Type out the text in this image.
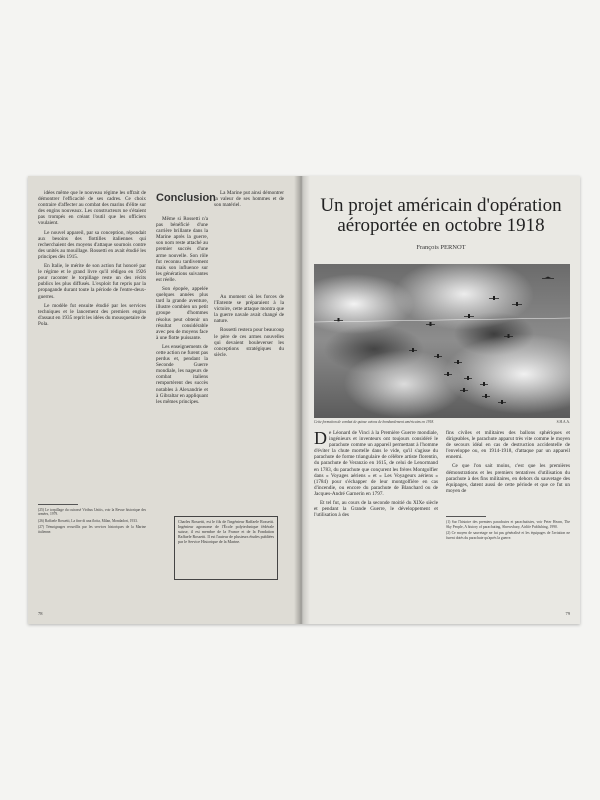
idées même que le nouveau régime les offrait de démontrer l'efficacité de ses cadres. Ce choix contraire d'affecter au combat des marins d'élite sur des engins nouveaux. Les constructeurs ne s'étaient pas trompés en créant l'outil que les officiers voulaient.

Le nouvel appareil, par sa conception, répondait aux besoins des flottilles italiennes qui recherchaient des moyens d'attaque sournois contre des unités au mouillage. Rossetti en avait étudié les principes dès 1915.

En Italie, le mérite de son action fut honoré par le régime et le grand livre qu'il rédigea en 1926 pour raconter le torpillage reste un des récits publics les plus diffusés. L'exploit fut repris par la propagande durant toute la période de l'entre-deux-guerres.

Le modèle fut ensuite étudié par les services techniques et le lancement des premiers engins d'assaut en 1935 reprit les idées du mousquetaire de Pola.

Conclusion

Même si Rossetti n'a pas bénéficié d'une carrière brillante dans la Marine après la guerre, son nom reste attaché au premier succès d'une arme nouvelle. Son rôle fut reconnu tardivement mais son influence sur les générations suivantes est réelle.

Son épopée, appelée quelques années plus tard la grande aventure, illustre combien un petit groupe d'hommes résolus peut obtenir un résultat considérable avec peu de moyens face à une flotte puissante.

Les enseignements de cette action ne furent pas perdus et, pendant la Seconde Guerre mondiale, les nageurs de combat italiens remportèrent des succès notables à Alexandrie et à Gibraltar en appliquant les mêmes principes.

La Marine put ainsi démontrer la valeur de ses hommes et de son matériel.

Au moment où les forces de l'Entente se préparaient à la victoire, cette attaque montra que la guerre navale avait changé de nature.

Rossetti restera pour beaucoup le père de ces armes nouvelles qui devaient bouleverser les conceptions stratégiques du siècle.

(25) Le torpillage du cuirassé Viribus Unitis, voir la Revue historique des armées, 1979.

(26) Raffaele Rossetti, La fine di una flotta, Milan, Mondadori, 1933.

(27) Témoignages recueillis par les services historiques de la Marine italienne.

Charles Rossetti, est le fils de l'ingénieur Raffaele Rossetti. Ingénieur agronome de l'École polytechnique fédérale suisse, il est membre de la France et de la Fondation Raffaele Rossetti. Il est l'auteur de plusieurs études publiées par le Service Historique de la Marine.
78
Un projet américain d'opération aéroportée en octobre 1918
François PERNOT
Cette formation de combat de quinze avions de bombardement américains en 1918.	S.H.A.A.
D e Léonard de Vinci à la Première Guerre mondiale, ingénieurs et inventeurs ont toujours considéré le parachute comme un appareil permettant à l'homme d'éviter la chute mortelle dans le vide, qu'il s'agisse du parachute de forme triangulaire de célèbre artiste florentin, du parachute de Veranzio en 1615, de celui de Lenormand en 1783, du parachute que conçurent les frères Montgolfier dans « Voyages aériens » et « Les Voyageurs aériens » (1784) pour s'échapper de leur montgolfière en cas d'incendie, ou encore du parachute de Blanchard ou de Jacques-André Garnerin en 1797.

Et tel fut, au cours de la seconde moitié du XIXe siècle et pendant la Grande Guerre, le développement et l'utilisation à des

fins civiles et militaires des ballons sphériques et dirigeables, le parachute apparut très vite comme le moyen de secours idéal en cas de destruction accidentelle de l'enveloppe ou, en 1914-1918, d'attaque par un appareil ennemi.

Ce que l'on sait moins, c'est que les premières démonstrations et les premiers tentatives d'utilisation du parachute à des fins militaires, en dehors du sauvetage des équipages, datent aussi de cette période et que ce fut un moyen de

(1) Sur l'histoire des premiers parachutes et parachutistes, voir Peter Hearn, The Sky People, A history of parachuting, Shrewsbury, Airlife Publishing, 1990.

(2) Ce moyen de sauvetage ne fut pas généralisé et les équipages de l'aviation ne furent dotés du parachute qu'après la guerre.

79
